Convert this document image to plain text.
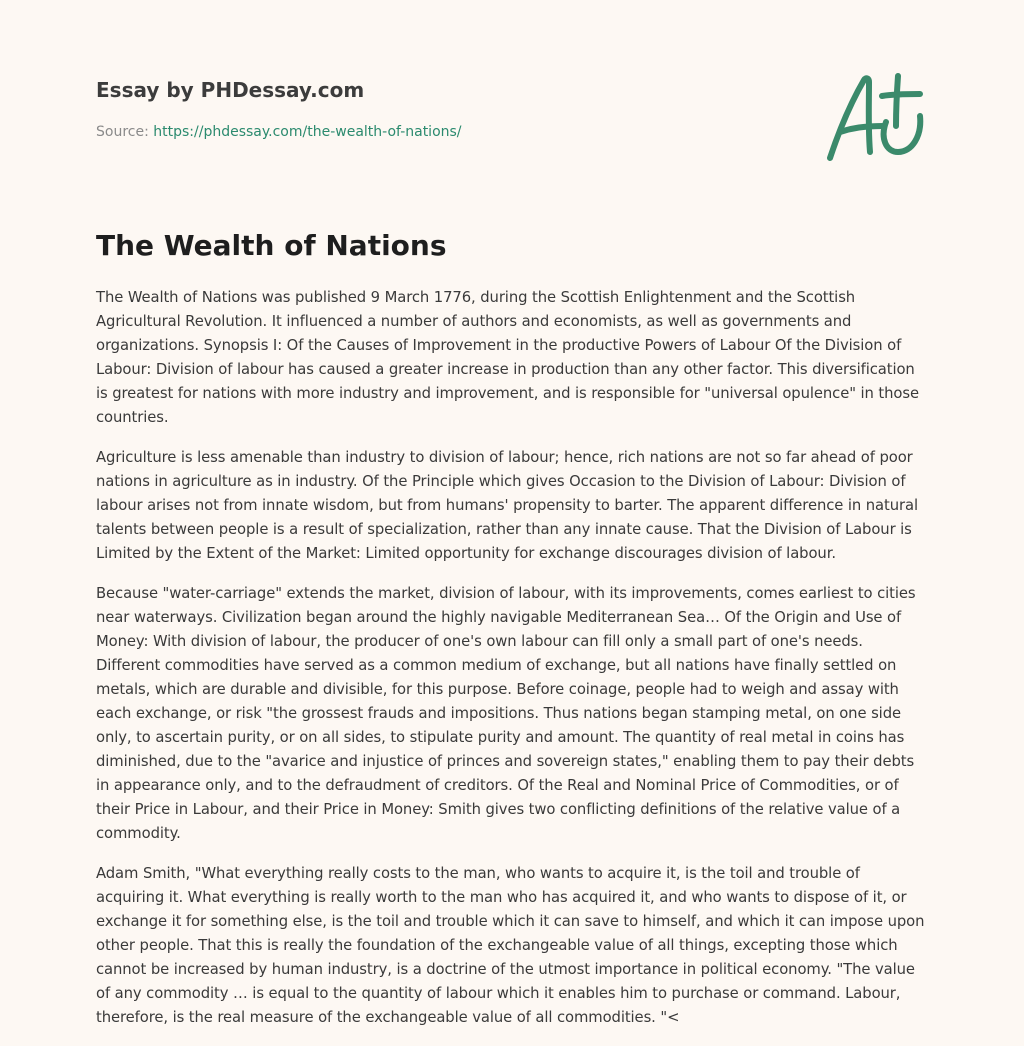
Essay by PHDessay.com
Source: https://phdessay.com/the-wealth-of-nations/
The Wealth of Nations

The Wealth of Nations was published 9 March 1776, during the Scottish Enlightenment and the Scottish Agricultural Revolution. It influenced a number of authors and economists, as well as governments and organizations. Synopsis I: Of the Causes of Improvement in the productive Powers of Labour Of the Division of Labour: Division of labour has caused a greater increase in production than any other factor. This diversification is greatest for nations with more industry and improvement, and is responsible for "universal opulence" in those countries.

Agriculture is less amenable than industry to division of labour; hence, rich nations are not so far ahead of poor nations in agriculture as in industry. Of the Principle which gives Occasion to the Division of Labour: Division of labour arises not from innate wisdom, but from humans' propensity to barter. The apparent difference in natural talents between people is a result of specialization, rather than any innate cause. That the Division of Labour is Limited by the Extent of the Market: Limited opportunity for exchange discourages division of labour.

Because "water-carriage" extends the market, division of labour, with its improvements, comes earliest to cities near waterways. Civilization began around the highly navigable Mediterranean Sea… Of the Origin and Use of Money: With division of labour, the producer of one's own labour can fill only a small part of one's needs. Different commodities have served as a common medium of exchange, but all nations have finally settled on metals, which are durable and divisible, for this purpose. Before coinage, people had to weigh and assay with each exchange, or risk "the grossest frauds and impositions. Thus nations began stamping metal, on one side only, to ascertain purity, or on all sides, to stipulate purity and amount. The quantity of real metal in coins has diminished, due to the "avarice and injustice of princes and sovereign states," enabling them to pay their debts in appearance only, and to the defraudment of creditors. Of the Real and Nominal Price of Commodities, or of their Price in Labour, and their Price in Money: Smith gives two conflicting definitions of the relative value of a commodity.

Adam Smith, "What everything really costs to the man, who wants to acquire it, is the toil and trouble of acquiring it. What everything is really worth to the man who has acquired it, and who wants to dispose of it, or exchange it for something else, is the toil and trouble which it can save to himself, and which it can impose upon other people. That this is really the foundation of the exchangeable value of all things, excepting those which cannot be increased by human industry, is a doctrine of the utmost importance in political economy. "The value of any commodity … is equal to the quantity of labour which it enables him to purchase or command. Labour, therefore, is the real measure of the exchangeable value of all commodities. "<
